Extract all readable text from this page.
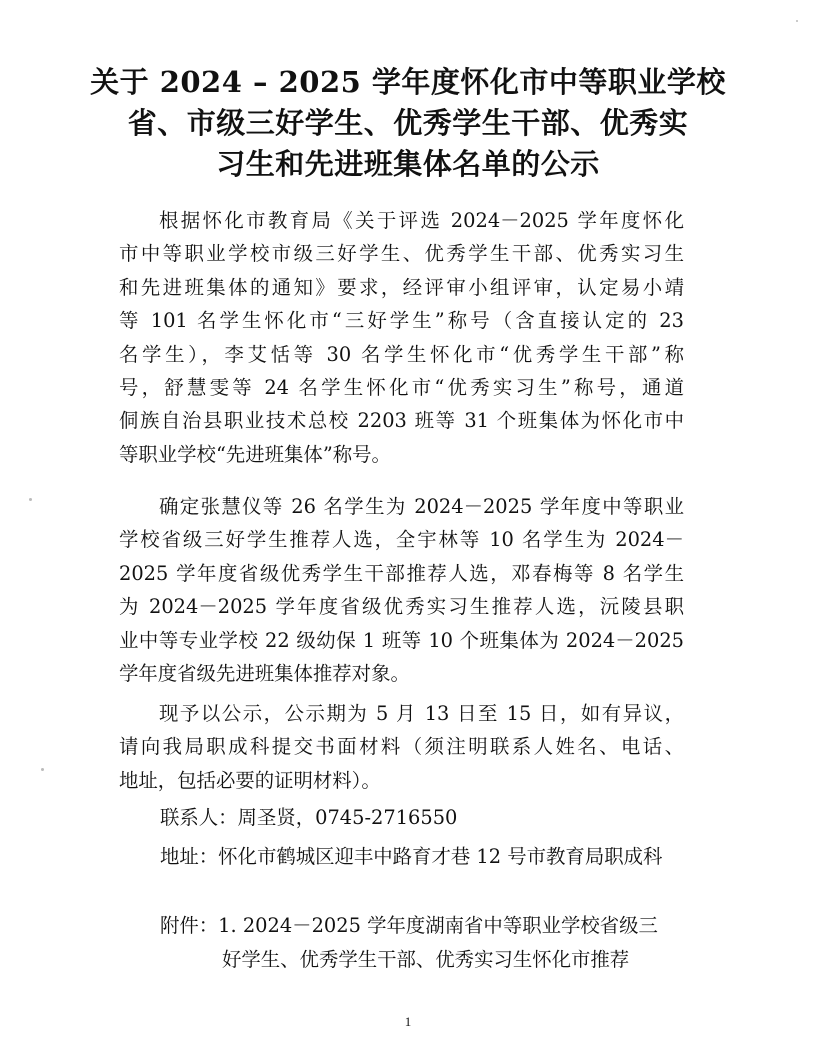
关于 2024 – 2025 学年度怀化市中等职业学校
省、市级三好学生、优秀学生干部、优秀实
习生和先进班集体名单的公示
根据怀化市教育局《关于评选 2024－2025 学年度怀化
市中等职业学校市级三好学生、优秀学生干部、优秀实习生
和先进班集体的通知》要求，经评审小组评审，认定易小靖
等 101 名学生怀化市“三好学生”称号（含直接认定的 23
名学生），李艾恬等 30 名学生怀化市“优秀学生干部”称
号，舒慧雯等 24 名学生怀化市“优秀实习生”称号，通道
侗族自治县职业技术总校 2203 班等 31 个班集体为怀化市中
等职业学校“先进班集体”称号。
确定张慧仪等 26 名学生为 2024－2025 学年度中等职业
学校省级三好学生推荐人选，全宇林等 10 名学生为 2024－
2025 学年度省级优秀学生干部推荐人选，邓春梅等 8 名学生
为 2024－2025 学年度省级优秀实习生推荐人选，沅陵县职
业中等专业学校 22 级幼保 1 班等 10 个班集体为 2024－2025
学年度省级先进班集体推荐对象。
现予以公示，公示期为 5 月 13 日至 15 日，如有异议，
请向我局职成科提交书面材料（须注明联系人姓名、电话、
地址，包括必要的证明材料）。

联系人：周圣贤，0745-2716550

地址：怀化市鹤城区迎丰中路育才巷 12 号市教育局职成科

附件：1. 2024－2025 学年度湖南省中等职业学校省级三

好学生、优秀学生干部、优秀实习生怀化市推荐

1
